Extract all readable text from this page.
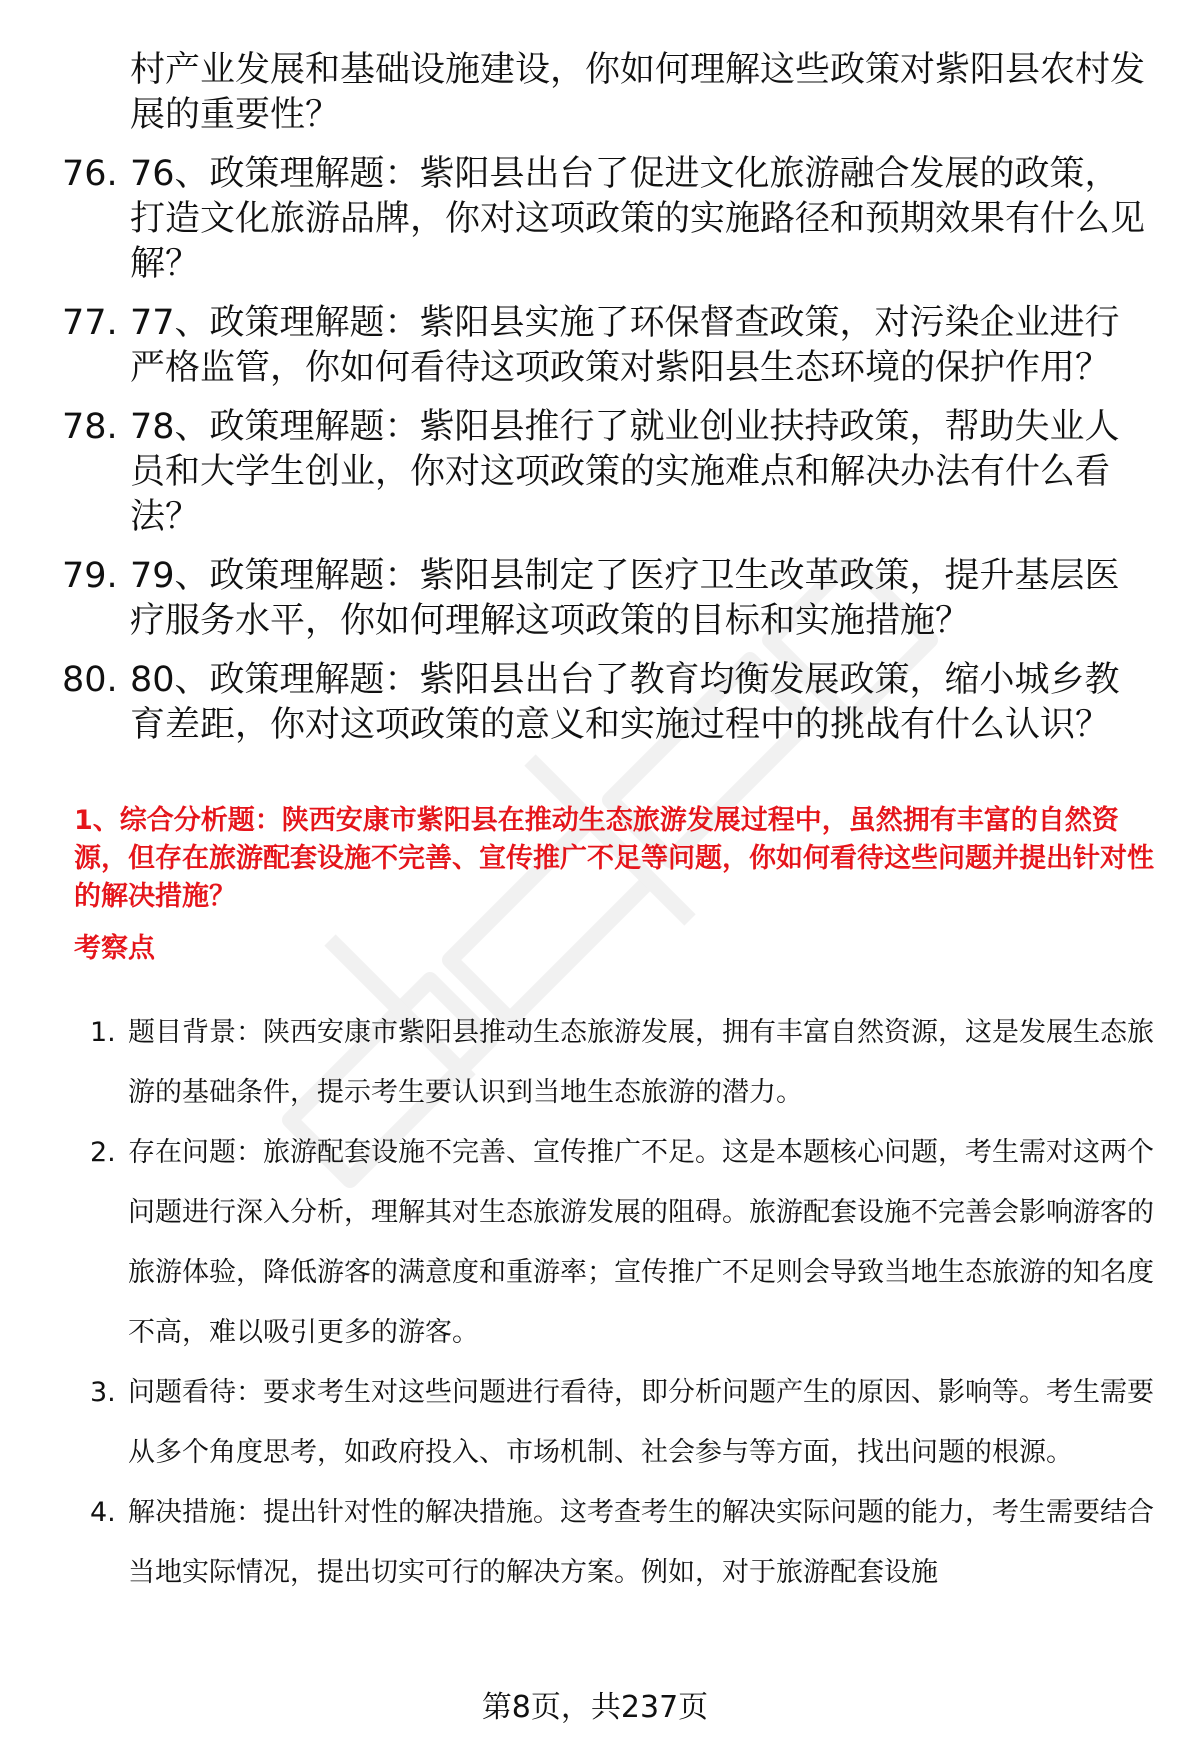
村产业发展和基础设施建设，你如何理解这些政策对紫阳县农村发展的重要性？
76. 76、政策理解题：紫阳县出台了促进文化旅游融合发展的政策，打造文化旅游品牌，你对这项政策的实施路径和预期效果有什么见解？
77. 77、政策理解题：紫阳县实施了环保督查政策，对污染企业进行严格监管，你如何看待这项政策对紫阳县生态环境的保护作用？
78. 78、政策理解题：紫阳县推行了就业创业扶持政策，帮助失业人员和大学生创业，你对这项政策的实施难点和解决办法有什么看法？
79. 79、政策理解题：紫阳县制定了医疗卫生改革政策，提升基层医疗服务水平，你如何理解这项政策的目标和实施措施？
80. 80、政策理解题：紫阳县出台了教育均衡发展政策，缩小城乡教育差距，你对这项政策的意义和实施过程中的挑战有什么认识？
1、综合分析题：陕西安康市紫阳县在推动生态旅游发展过程中，虽然拥有丰富的自然资源，但存在旅游配套设施不完善、宣传推广不足等问题，你如何看待这些问题并提出针对性的解决措施？
考察点
1. 题目背景：陕西安康市紫阳县推动生态旅游发展，拥有丰富自然资源，这是发展生态旅游的基础条件，提示考生要认识到当地生态旅游的潜力。
2. 存在问题：旅游配套设施不完善、宣传推广不足。这是本题核心问题，考生需对这两个问题进行深入分析，理解其对生态旅游发展的阻碍。旅游配套设施不完善会影响游客的旅游体验，降低游客的满意度和重游率；宣传推广不足则会导致当地生态旅游的知名度不高，难以吸引更多的游客。
3. 问题看待：要求考生对这些问题进行看待，即分析问题产生的原因、影响等。考生需要从多个角度思考，如政府投入、市场机制、社会参与等方面，找出问题的根源。
4. 解决措施：提出针对性的解决措施。这考查考生的解决实际问题的能力，考生需要结合当地实际情况，提出切实可行的解决方案。例如，对于旅游配套设施
第8页，共237页
